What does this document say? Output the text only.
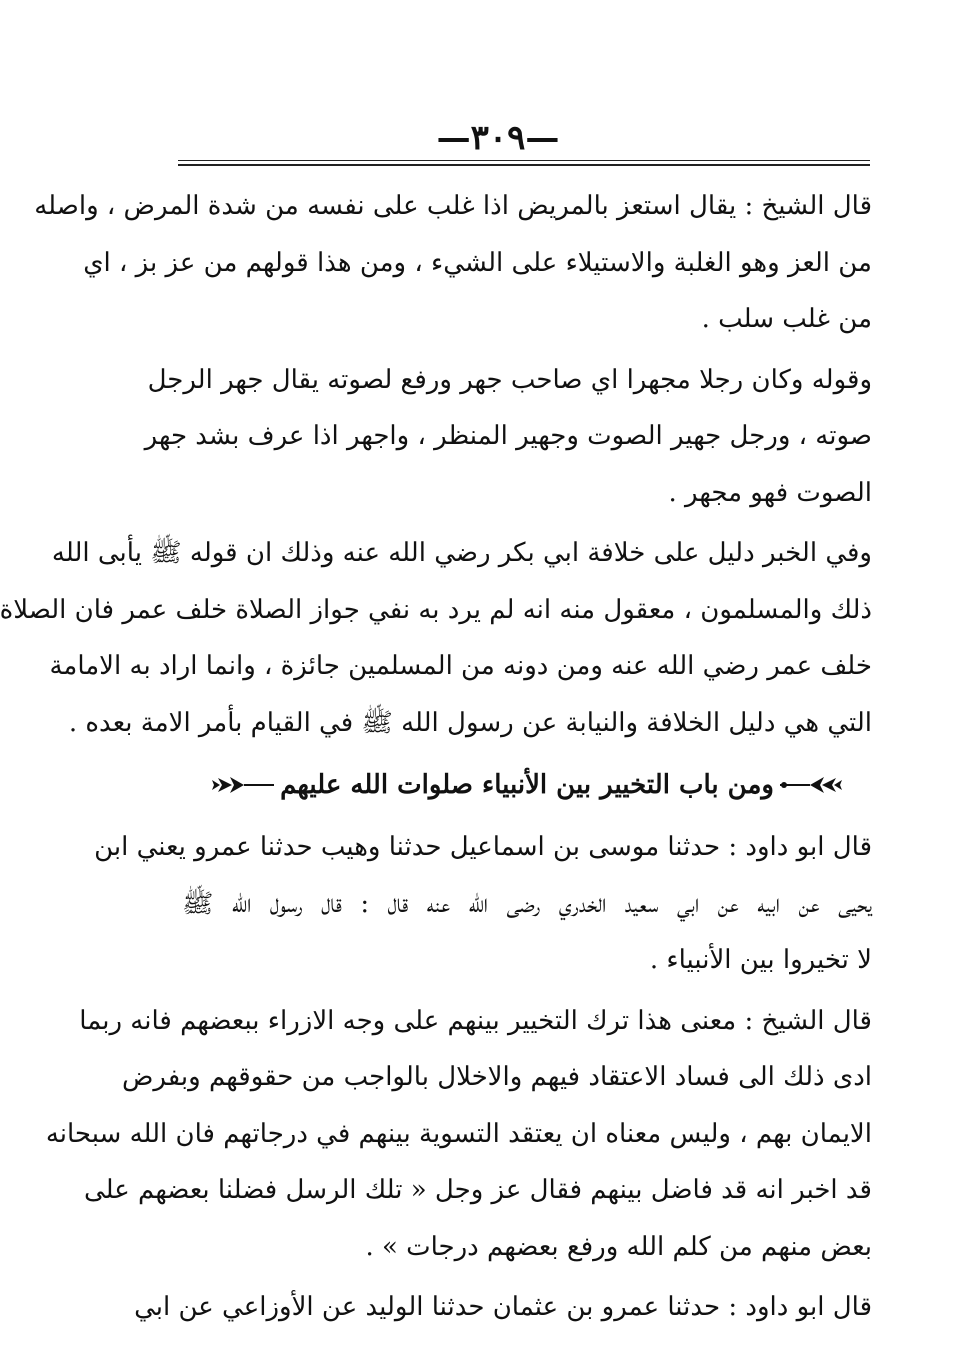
—٣٠٩—
قال الشيخ : يقال استعز بالمريض اذا غلب على نفسه من شدة المرض ، واصله
من العز وهو الغلبة والاستيلاء على الشيء ، ومن هذا قولهم من عز بز ، اي
من غلب سلب .
وقوله وكان رجلا مجهرا اي صاحب جهر ورفع لصوته يقال جهر الرجل
صوته ، ورجل جهير الصوت وجهير المنظر ، واجهر اذا عرف بشد جهر
الصوت فهو مجهر .
وفي الخبر دليل على خلافة ابي بكر رضي الله عنه وذلك ان قوله ﷺ يأبى الله
ذلك والمسلمون ، معقول منه انه لم يرد به نفي جواز الصلاة خلف عمر فان الصلاة
خلف عمر رضي الله عنه ومن دونه من المسلمين جائزة ، وانما اراد به الامامة
التي هي دليل الخلافة والنيابة عن رسول الله ﷺ في القيام بأمر الامة بعده .
ومن باب التخيير بين الأنبياء صلوات الله عليهم
قال ابو داود : حدثنا موسى بن اسماعيل حدثنا وهيب حدثنا عمرو يعني ابن
يحيى عن ابيه عن ابي سعيد الخدري رضى الله عنه قال : قال رسول الله ﷺ
لا تخيروا بين الأنبياء .
قال الشيخ : معنى هذا ترك التخيير بينهم على وجه الازراء ببعضهم فانه ربما
ادى ذلك الى فساد الاعتقاد فيهم والاخلال بالواجب من حقوقهم وبفرض
الايمان بهم ، وليس معناه ان يعتقد التسوية بينهم في درجاتهم فان الله سبحانه
قد اخبر انه قد فاضل بينهم فقال عز وجل « تلك الرسل فضلنا بعضهم على
بعض منهم من كلم الله ورفع بعضهم درجات » .
قال ابو داود : حدثنا عمرو بن عثمان حدثنا الوليد عن الأوزاعي عن ابي
